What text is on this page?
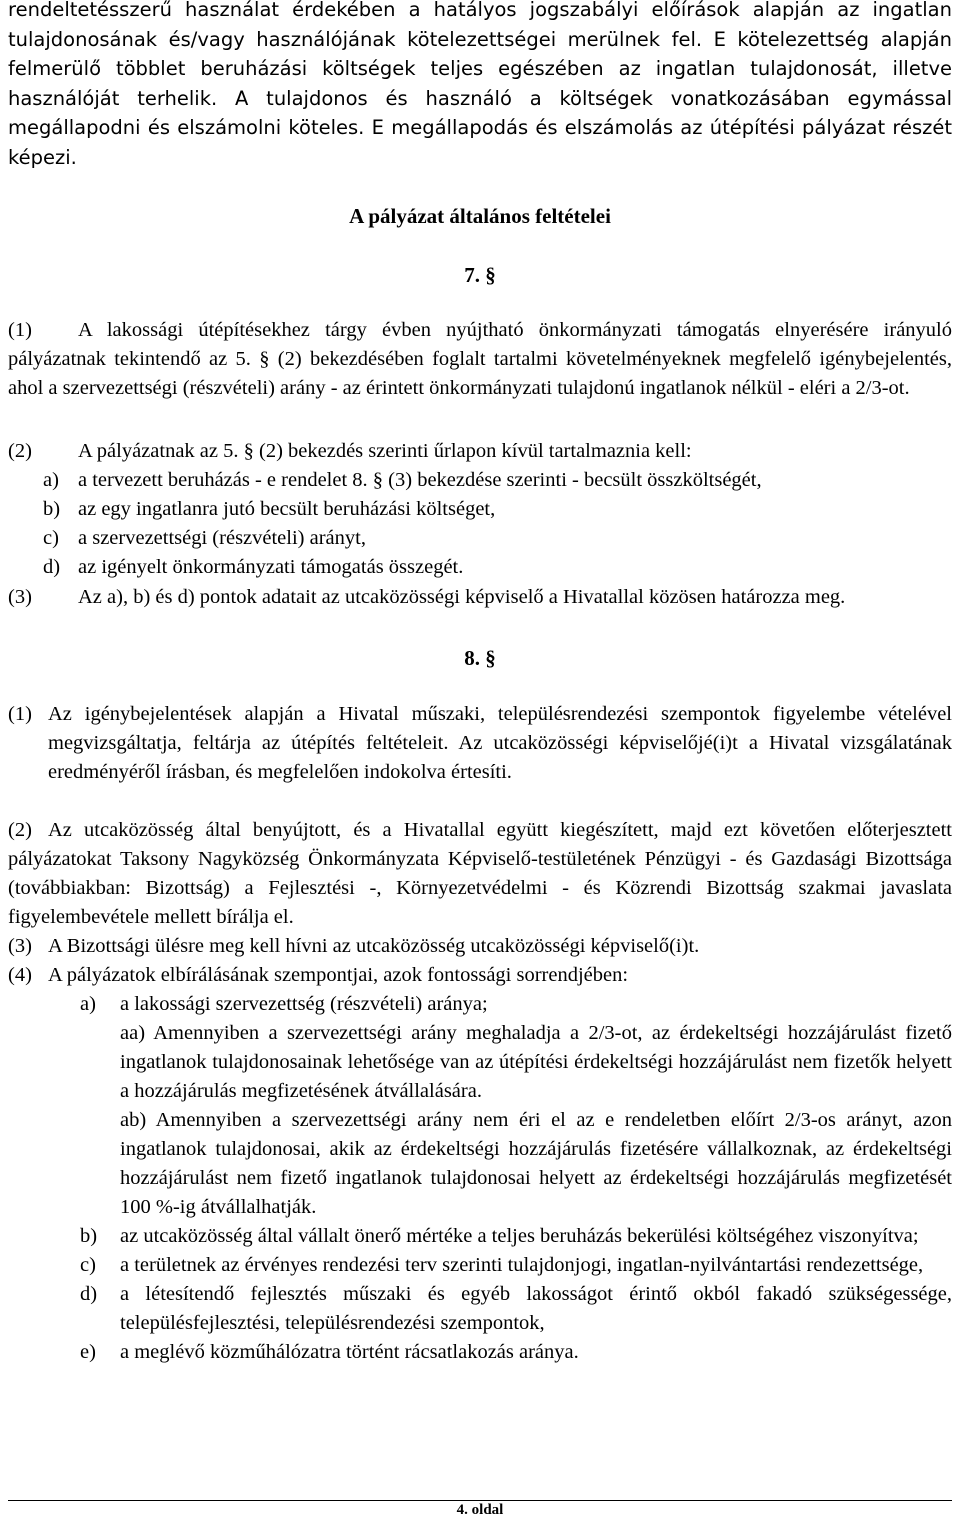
rendeltetésszerű használat érdekében a hatályos jogszabályi előírások alapján az ingatlan tulajdonosának és/vagy használójának kötelezettségei merülnek fel. E kötelezettség alapján felmerülő többlet beruházási költségek teljes egészében az ingatlan tulajdonosát, illetve használóját terhelik. A tulajdonos és használó a költségek vonatkozásában egymással megállapodni és elszámolni köteles. E megállapodás és elszámolás az útépítési pályázat részét képezi.

A pályázat általános feltételei
7. §
(1) A lakossági útépítésekhez tárgy évben nyújtható önkormányzati támogatás elnyerésére irányuló pályázatnak tekintendő az 5. § (2) bekezdésében foglalt tartalmi követelményeknek megfelelő igénybejelentés, ahol a szervezettségi (részvételi) arány - az érintett önkormányzati tulajdonú ingatlanok nélkül - eléri a 2/3-ot.
(2) A pályázatnak az 5. § (2) bekezdés szerinti űrlapon kívül tartalmaznia kell:
a) a tervezett beruházás - e rendelet 8. § (3) bekezdése szerinti - becsült összköltségét,
b) az egy ingatlanra jutó becsült beruházási költséget,
c) a szervezettségi (részvételi) arányt,
d) az igényelt önkormányzati támogatás összegét.
(3) Az a), b) és d) pontok adatait az utcaközösségi képviselő a Hivatallal közösen határozza meg.
8. §
(1) Az igénybejelentések alapján a Hivatal műszaki, településrendezési szempontok figyelembe vételével megvizsgáltatja, feltárja az útépítés feltételeit. Az utcaközösségi képviselőjé(i)t a Hivatal vizsgálatának eredményéről írásban, és megfelelően indokolva értesíti.
(2) Az utcaközösség által benyújtott, és a Hivatallal együtt kiegészített, majd ezt követően előterjesztett pályázatokat Taksony Nagyközség Önkormányzata Képviselő-testületének Pénzügyi - és Gazdasági Bizottsága (továbbiakban: Bizottság) a Fejlesztési -, Környezetvédelmi - és Közrendi Bizottság szakmai javaslata figyelembevétele mellett bírálja el.
(3) A Bizottsági ülésre meg kell hívni az utcaközösség utcaközösségi képviselő(i)t.
(4) A pályázatok elbírálásának szempontjai, azok fontossági sorrendjében:
a)	a lakossági szervezettség (részvételi) aránya;
aa) Amennyiben a szervezettségi arány meghaladja a 2/3-ot, az érdekeltségi hozzájárulást fizető ingatlanok tulajdonosainak lehetősége van az útépítési érdekeltségi hozzájárulást nem fizetők helyett a hozzájárulás megfizetésének átvállalására.
ab) Amennyiben a szervezettségi arány nem éri el az e rendeletben előírt 2/3-os arányt, azon ingatlanok tulajdonosai, akik az érdekeltségi hozzájárulás fizetésére vállalkoznak, az érdekeltségi hozzájárulást nem fizető ingatlanok tulajdonosai helyett az érdekeltségi hozzájárulás megfizetését 100 %-ig átvállalhatják.
b)	az utcaközösség által vállalt önerő mértéke a teljes beruházás bekerülési költségéhez viszonyítva;
c)	a területnek az érvényes rendezési terv szerinti tulajdonjogi, ingatlan-nyilvántartási rendezettsége,
d)	a létesítendő fejlesztés műszaki és egyéb lakosságot érintő okból fakadó szükségessége, településfejlesztési, településrendezési szempontok,
e)	a meglévő közműhálózatra történt rácsatlakozás aránya.
4. oldal
